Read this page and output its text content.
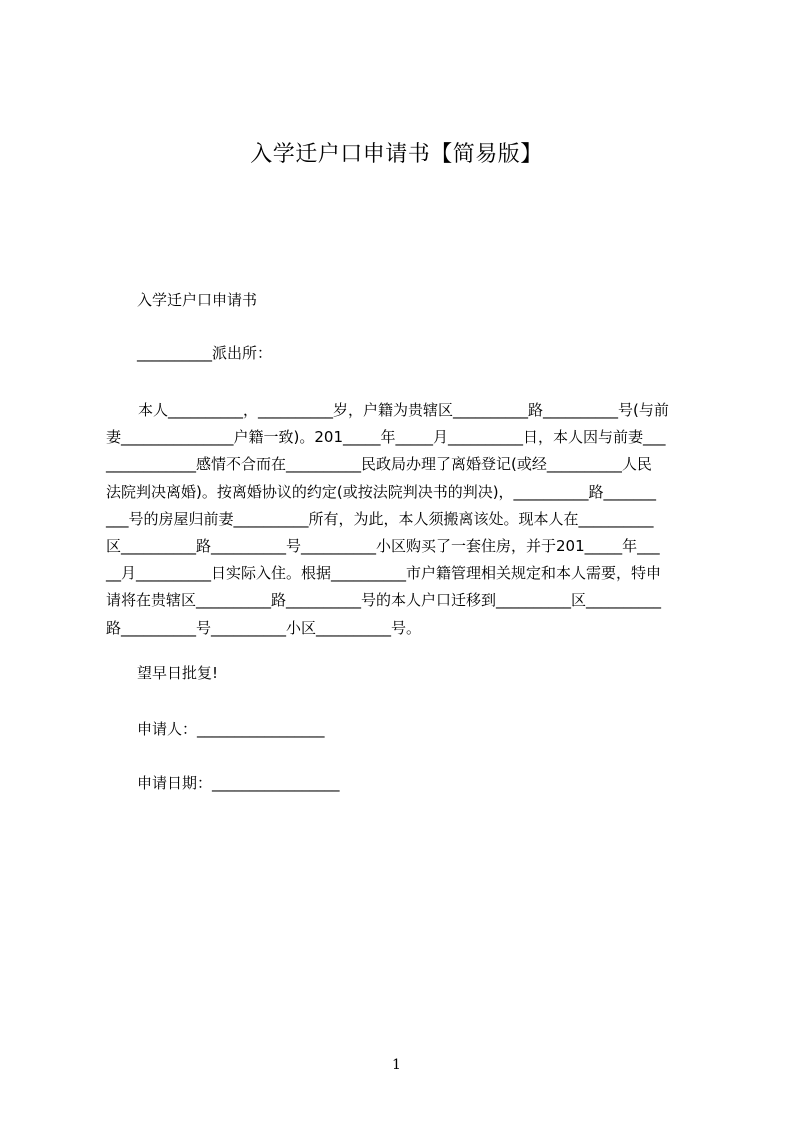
入学迁户口申请书【简易版】
入学迁户口申请书
__________派出所：
本人__________，__________岁，户籍为贵辖区__________路__________号(与前
妻_______________户籍一致)。201_____年_____月__________日，本人因与前妻___
____________感情不合而在__________民政局办理了离婚登记(或经__________人民
法院判决离婚)。按离婚协议的约定(或按法院判决书的判决)，__________路_______
___号的房屋归前妻__________所有，为此，本人须搬离该处。现本人在__________
区__________路__________号__________小区购买了一套住房，并于201_____年___
__月__________日实际入住。根据__________市户籍管理相关规定和本人需要，特申
请将在贵辖区__________路__________号的本人户口迁移到__________区__________
路__________号__________小区__________号。
望早日批复!
申请人：_________________
申请日期：_________________
1
